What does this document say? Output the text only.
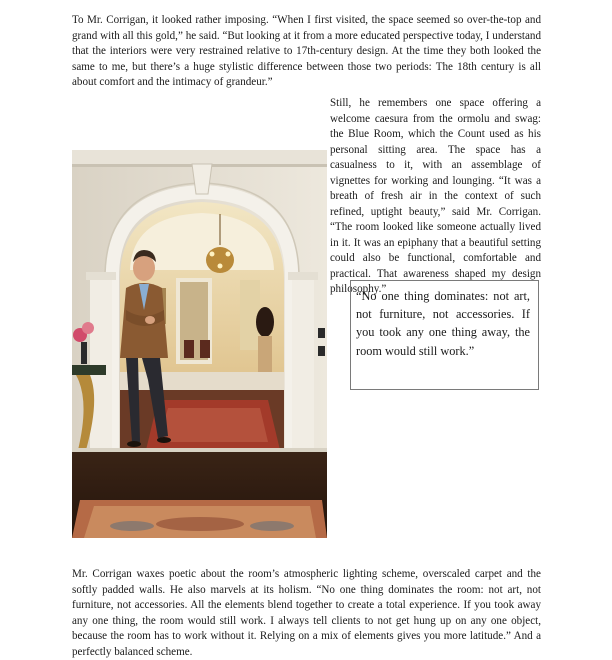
To Mr. Corrigan, it looked rather imposing. “When I first visited, the space seemed so over-the-top and grand with all this gold,” he said. “But looking at it from a more educated perspective today, I understand that the interiors were very restrained relative to 17th-century design. At the time they both looked the same to me, but there’s a huge stylistic difference between those two periods: The 18th century is all about comfort and the intimacy of grandeur.”

Still, he remembers one space offering a welcome caesura from the ormolu and swag: the Blue Room, which the Count used as his personal sitting area. The space has a casualness to it, with an assemblage of vignettes for working and lounging. “It was a breath of fresh air in the context of such refined, uptight beauty,” said Mr. Corrigan. “The room looked like someone actually lived in it. It was an epiphany that a beautiful setting could also be functional, comfortable and practical. That awareness shaped my design philosophy.”

“No one thing dominates: not art, not furniture, not accessories. If you took any one thing away, the room would still work.”

Mr. Corrigan waxes poetic about the room’s atmospheric lighting scheme, overscaled carpet and the softly padded walls. He also marvels at its holism. “No one thing dominates the room: not art, not furniture, not accessories. All the elements blend together to create a total experience. If you took away any one thing, the room would still work. I always tell clients to not get hung up on any one object, because the room has to work without it. Relying on a mix of elements gives you more latitude.” And a perfectly balanced scheme.
